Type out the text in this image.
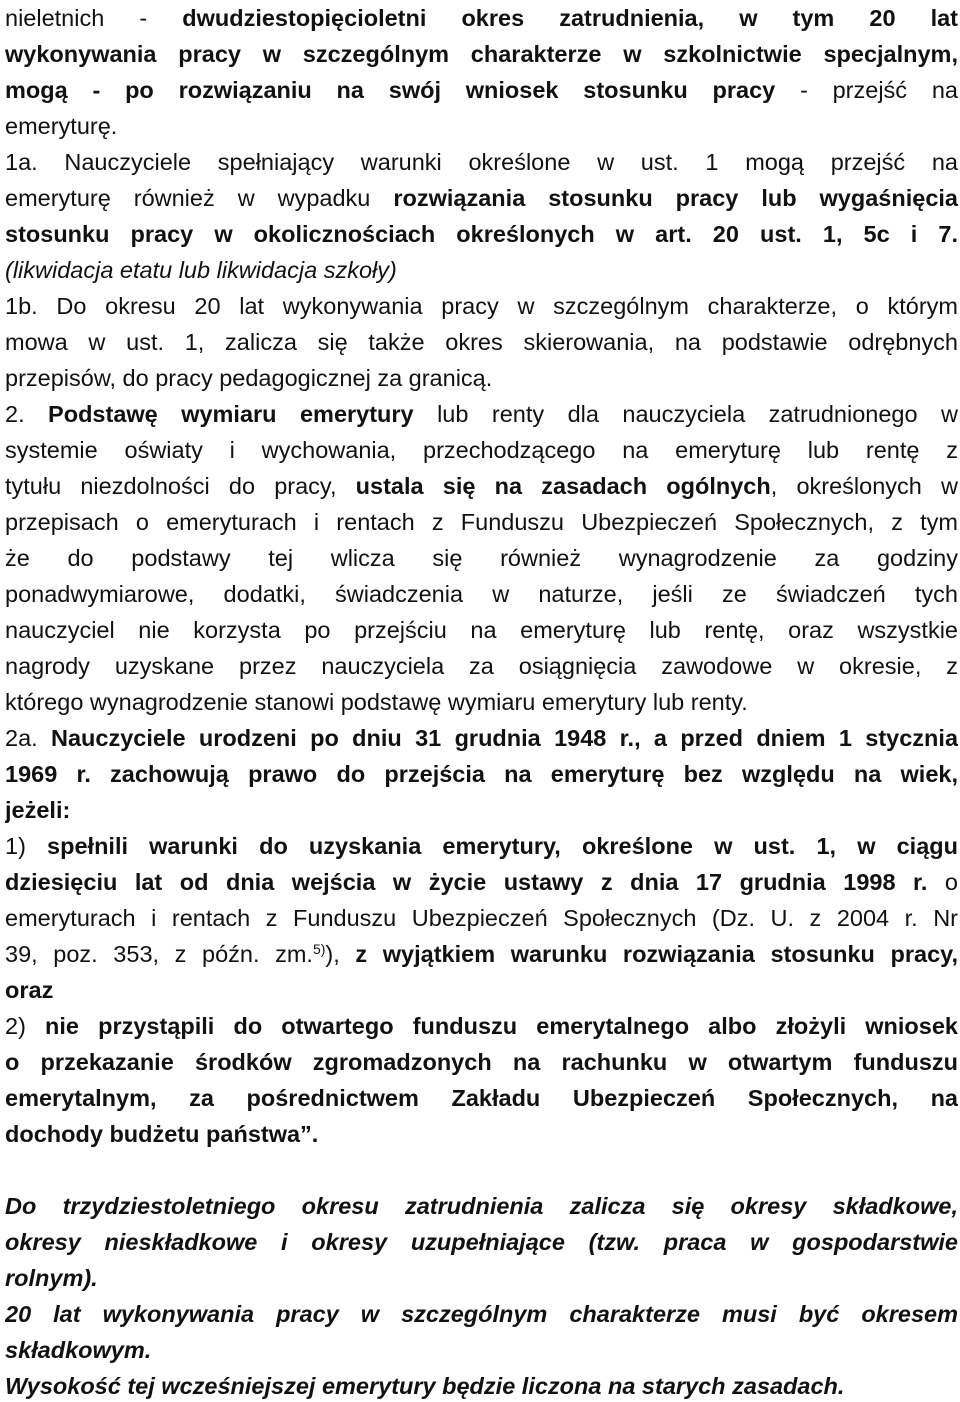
nieletnich - dwudziestopięcioletni okres zatrudnienia, w tym 20 lat
wykonywania pracy w szczególnym charakterze w szkolnictwie specjalnym,
mogą - po rozwiązaniu na swój wniosek stosunku pracy - przejść na
emeryturę.
1a. Nauczyciele spełniający warunki określone w ust. 1 mogą przejść na
emeryturę również w wypadku rozwiązania stosunku pracy lub wygaśnięcia
stosunku pracy w okolicznościach określonych w art. 20 ust. 1, 5c i 7.
(likwidacja etatu lub likwidacja szkoły)
1b. Do okresu 20 lat wykonywania pracy w szczególnym charakterze, o którym
mowa w ust. 1, zalicza się także okres skierowania, na podstawie odrębnych
przepisów, do pracy pedagogicznej za granicą.
2. Podstawę wymiaru emerytury lub renty dla nauczyciela zatrudnionego w
systemie oświaty i wychowania, przechodzącego na emeryturę lub rentę z
tytułu niezdolności do pracy, ustala się na zasadach ogólnych, określonych w
przepisach o emeryturach i rentach z Funduszu Ubezpieczeń Społecznych, z tym
że do podstawy tej wlicza się również wynagrodzenie za godziny
ponadwymiarowe, dodatki, świadczenia w naturze, jeśli ze świadczeń tych
nauczyciel nie korzysta po przejściu na emeryturę lub rentę, oraz wszystkie
nagrody uzyskane przez nauczyciela za osiągnięcia zawodowe w okresie, z
którego wynagrodzenie stanowi podstawę wymiaru emerytury lub renty.
2a. Nauczyciele urodzeni po dniu 31 grudnia 1948 r., a przed dniem 1 stycznia
1969 r. zachowują prawo do przejścia na emeryturę bez względu na wiek,
jeżeli:
1) spełnili warunki do uzyskania emerytury, określone w ust. 1, w ciągu
dziesięciu lat od dnia wejścia w życie ustawy z dnia 17 grudnia 1998 r. o
emeryturach i rentach z Funduszu Ubezpieczeń Społecznych (Dz. U. z 2004 r. Nr
39, poz. 353, z późn. zm.$^{5)}$), z wyjątkiem warunku rozwiązania stosunku pracy,
oraz
2) nie przystąpili do otwartego funduszu emerytalnego albo złożyli wniosek
o przekazanie środków zgromadzonych na rachunku w otwartym funduszu
emerytalnym, za pośrednictwem Zakładu Ubezpieczeń Społecznych, na
dochody budżetu państwa”.
Do trzydziestoletniego okresu zatrudnienia zalicza się okresy składkowe,
okresy nieskładkowe i okresy uzupełniające (tzw. praca w gospodarstwie
rolnym).
20 lat wykonywania pracy w szczególnym charakterze musi być okresem
składkowym.
Wysokość tej wcześniejszej emerytury będzie liczona na starych zasadach.
